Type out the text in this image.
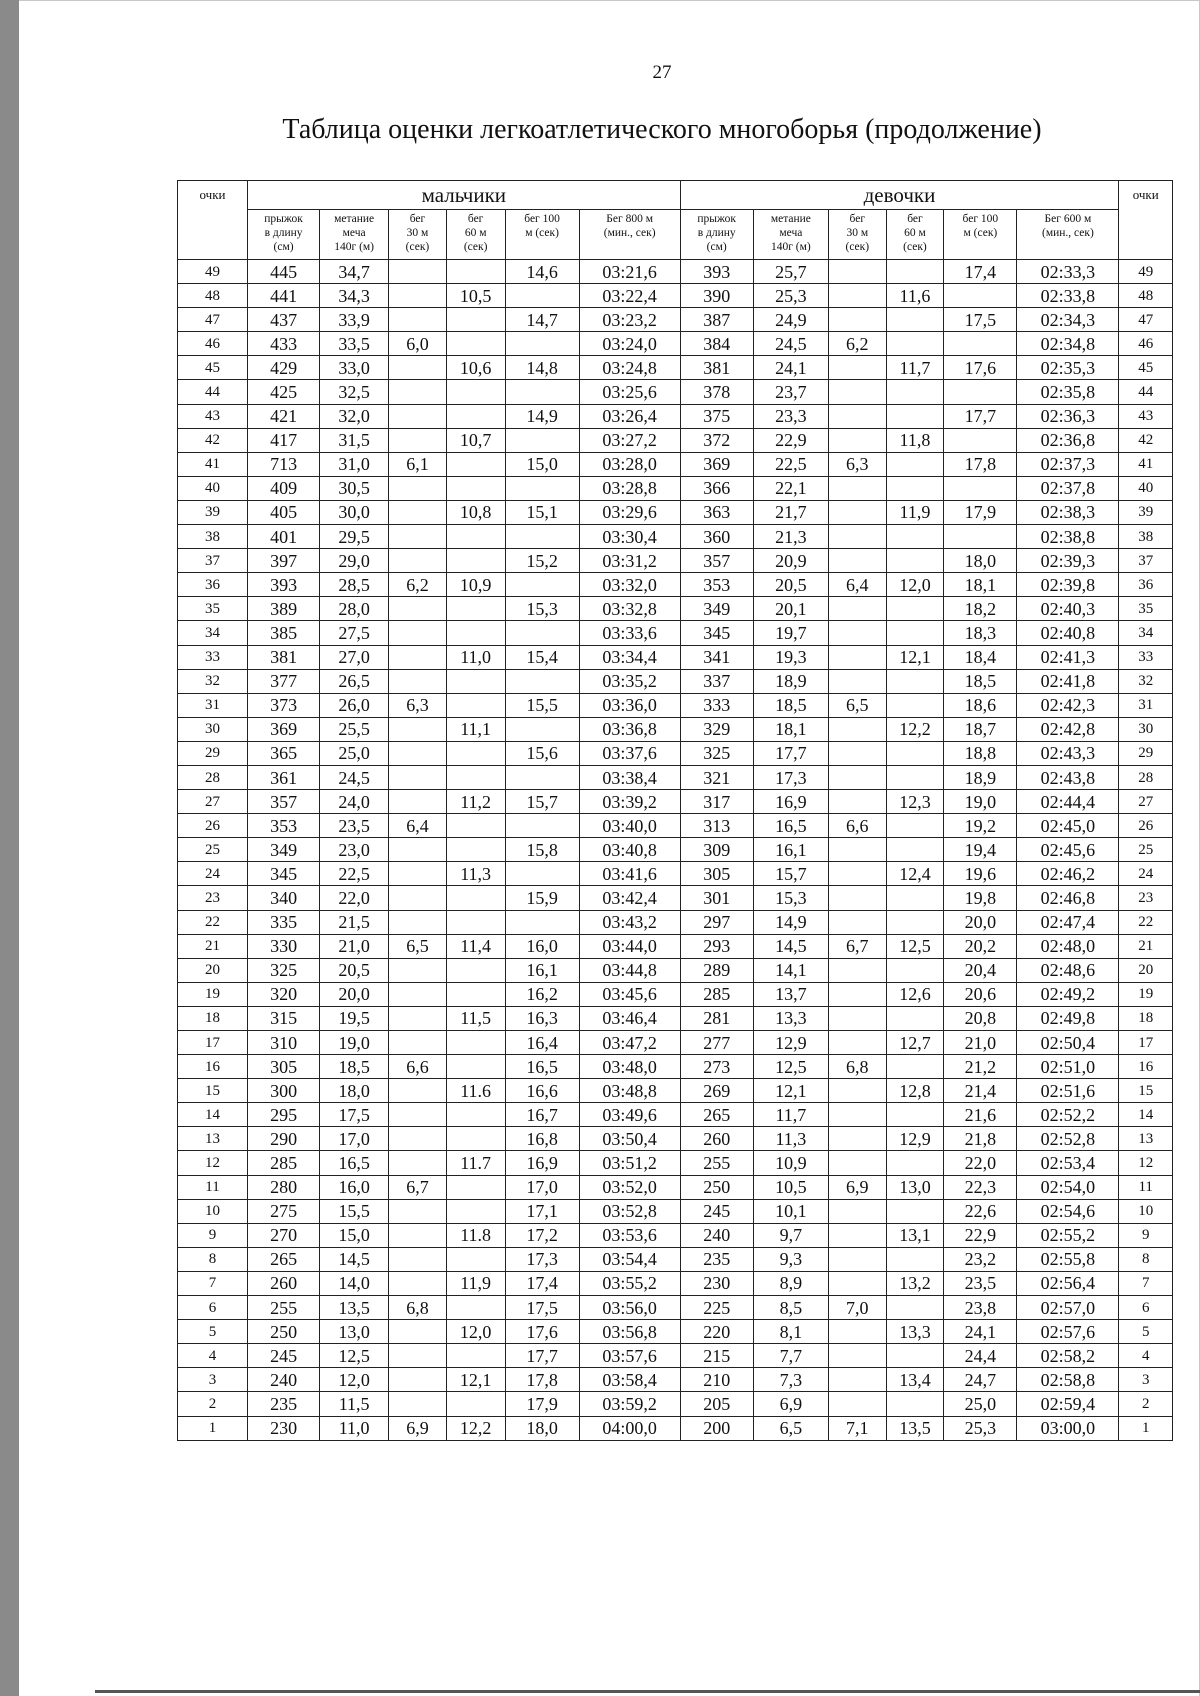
27
Таблица оценки легкоатлетического многоборья (продолжение)
очки	мальчики						девочки						очки
	прыжок
в длину
(см)	метание
меча
140г (м)	бег
30 м
(сек)	бег
60 м
(сек)	бег 100
м (сек)	Бег 800 м
(мин., сек)	прыжок
в длину
(см)	метание
меча
140г (м)	бег
30 м
(сек)	бег
60 м
(сек)	бег 100
м (сек)	Бег 600 м
(мин., сек)	
49	445	34,7			14,6	03:21,6	393	25,7			17,4	02:33,3	49
48	441	34,3		10,5		03:22,4	390	25,3		11,6		02:33,8	48
47	437	33,9			14,7	03:23,2	387	24,9			17,5	02:34,3	47
46	433	33,5	6,0			03:24,0	384	24,5	6,2			02:34,8	46
45	429	33,0		10,6	14,8	03:24,8	381	24,1		11,7	17,6	02:35,3	45
44	425	32,5				03:25,6	378	23,7				02:35,8	44
43	421	32,0			14,9	03:26,4	375	23,3			17,7	02:36,3	43
42	417	31,5		10,7		03:27,2	372	22,9		11,8		02:36,8	42
41	713	31,0	6,1		15,0	03:28,0	369	22,5	6,3		17,8	02:37,3	41
40	409	30,5				03:28,8	366	22,1				02:37,8	40
39	405	30,0		10,8	15,1	03:29,6	363	21,7		11,9	17,9	02:38,3	39
38	401	29,5				03:30,4	360	21,3				02:38,8	38
37	397	29,0			15,2	03:31,2	357	20,9			18,0	02:39,3	37
36	393	28,5	6,2	10,9		03:32,0	353	20,5	6,4	12,0	18,1	02:39,8	36
35	389	28,0			15,3	03:32,8	349	20,1			18,2	02:40,3	35
34	385	27,5				03:33,6	345	19,7			18,3	02:40,8	34
33	381	27,0		11,0	15,4	03:34,4	341	19,3		12,1	18,4	02:41,3	33
32	377	26,5				03:35,2	337	18,9			18,5	02:41,8	32
31	373	26,0	6,3		15,5	03:36,0	333	18,5	6,5		18,6	02:42,3	31
30	369	25,5		11,1		03:36,8	329	18,1		12,2	18,7	02:42,8	30
29	365	25,0			15,6	03:37,6	325	17,7			18,8	02:43,3	29
28	361	24,5				03:38,4	321	17,3			18,9	02:43,8	28
27	357	24,0		11,2	15,7	03:39,2	317	16,9		12,3	19,0	02:44,4	27
26	353	23,5	6,4			03:40,0	313	16,5	6,6		19,2	02:45,0	26
25	349	23,0			15,8	03:40,8	309	16,1			19,4	02:45,6	25
24	345	22,5		11,3		03:41,6	305	15,7		12,4	19,6	02:46,2	24
23	340	22,0			15,9	03:42,4	301	15,3			19,8	02:46,8	23
22	335	21,5				03:43,2	297	14,9			20,0	02:47,4	22
21	330	21,0	6,5	11,4	16,0	03:44,0	293	14,5	6,7	12,5	20,2	02:48,0	21
20	325	20,5			16,1	03:44,8	289	14,1			20,4	02:48,6	20
19	320	20,0			16,2	03:45,6	285	13,7		12,6	20,6	02:49,2	19
18	315	19,5		11,5	16,3	03:46,4	281	13,3			20,8	02:49,8	18
17	310	19,0			16,4	03:47,2	277	12,9		12,7	21,0	02:50,4	17
16	305	18,5	6,6		16,5	03:48,0	273	12,5	6,8		21,2	02:51,0	16
15	300	18,0		11.6	16,6	03:48,8	269	12,1		12,8	21,4	02:51,6	15
14	295	17,5			16,7	03:49,6	265	11,7			21,6	02:52,2	14
13	290	17,0			16,8	03:50,4	260	11,3		12,9	21,8	02:52,8	13
12	285	16,5		11.7	16,9	03:51,2	255	10,9			22,0	02:53,4	12
11	280	16,0	6,7		17,0	03:52,0	250	10,5	6,9	13,0	22,3	02:54,0	11
10	275	15,5			17,1	03:52,8	245	10,1			22,6	02:54,6	10
9	270	15,0		11.8	17,2	03:53,6	240	9,7		13,1	22,9	02:55,2	9
8	265	14,5			17,3	03:54,4	235	9,3			23,2	02:55,8	8
7	260	14,0		11,9	17,4	03:55,2	230	8,9		13,2	23,5	02:56,4	7
6	255	13,5	6,8		17,5	03:56,0	225	8,5	7,0		23,8	02:57,0	6
5	250	13,0		12,0	17,6	03:56,8	220	8,1		13,3	24,1	02:57,6	5
4	245	12,5			17,7	03:57,6	215	7,7			24,4	02:58,2	4
3	240	12,0		12,1	17,8	03:58,4	210	7,3		13,4	24,7	02:58,8	3
2	235	11,5			17,9	03:59,2	205	6,9			25,0	02:59,4	2
1	230	11,0	6,9	12,2	18,0	04:00,0	200	6,5	7,1	13,5	25,3	03:00,0	1
